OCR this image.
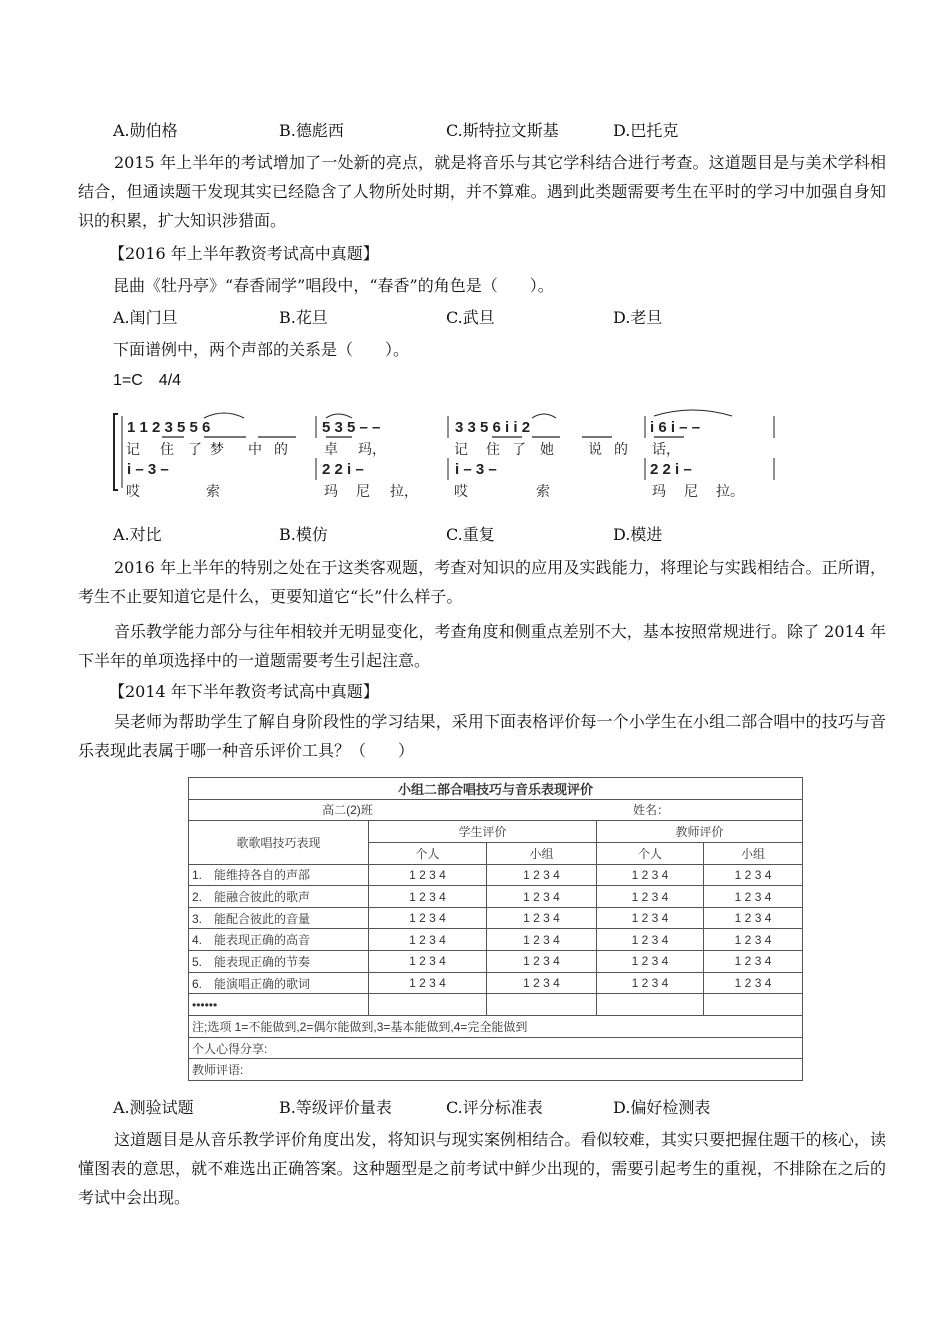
A.勋伯格	B.德彪西	C.斯特拉文斯基	D.巴托克
2015 年上半年的考试增加了一处新的亮点，就是将音乐与其它学科结合进行考查。这道题目是与美术学科相结合，但通读题干发现其实已经隐含了人物所处时期，并不算难。遇到此类题需要考生在平时的学习中加强自身知识的积累，扩大知识涉猎面。
【2016 年上半年教资考试高中真题】
昆曲《牡丹亭》“春香闹学”唱段中，“春香”的角色是（　　）。
A.闺门旦	B.花旦	C.武旦	D.老旦
下面谱例中，两个声部的关系是（　　）。
1=C　4/4
1 1 2 3 5 5 6	5 3 5 – –	3 3 5 6 i i 2	i 6 i – –
记 住 了 梦 中 的	卓 玛，	记 住 了 她 说 的 话，
i – 3 –	2 2 i –	i – 3 –	2 2 i –
哎	索	玛 尼 拉，	哎	索	玛 尼 拉。
A.对比	B.模仿	C.重复	D.模进
2016 年上半年的特别之处在于这类客观题，考查对知识的应用及实践能力，将理论与实践相结合。正所谓，考生不止要知道它是什么，更要知道它“长”什么样子。
音乐教学能力部分与往年相较并无明显变化，考查角度和侧重点差别不大，基本按照常规进行。除了 2014 年下半年的单项选择中的一道题需要考生引起注意。
【2014 年下半年教资考试高中真题】
吴老师为帮助学生了解自身阶段性的学习结果，采用下面表格评价每一个小学生在小组二部合唱中的技巧与音乐表现此表属于哪一种音乐评价工具？（　　）
小组二部合唱技巧与音乐表现评价				

高二(2)班 姓名：				

歌歌唱技巧表现	学生评价		教师评价	
	个人	小组	个人	小组
1.　能维持各自的声部	1 2 3 4	1 2 3 4	1 2 3 4	1 2 3 4
2.　能融合彼此的歌声	1 2 3 4	1 2 3 4	1 2 3 4	1 2 3 4
3.　能配合彼此的音量	1 2 3 4	1 2 3 4	1 2 3 4	1 2 3 4
4.　能表现正确的高音	1 2 3 4	1 2 3 4	1 2 3 4	1 2 3 4
5.　能表现正确的节奏	1 2 3 4	1 2 3 4	1 2 3 4	1 2 3 4
6.　能演唱正确的歌词	1 2 3 4	1 2 3 4	1 2 3 4	1 2 3 4
••••••				
注;选项 1=不能做到,2=偶尔能做到,3=基本能做到,4=完全能做到				
个人心得分享:				
教师评语:				
A.测验试题	B.等级评价量表	C.评分标准表	D.偏好检测表
这道题目是从音乐教学评价角度出发，将知识与现实案例相结合。看似较难，其实只要把握住题干的核心，读懂图表的意思，就不难选出正确答案。这种题型是之前考试中鲜少出现的，需要引起考生的重视，不排除在之后的考试中会出现。
